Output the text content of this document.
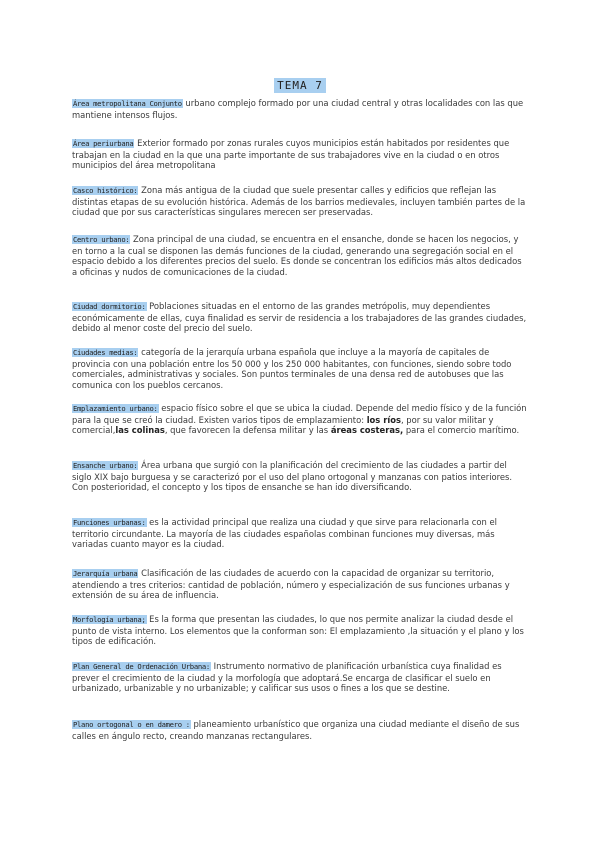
TEMA 7
Área metropolitana Conjunto urbano complejo formado por una ciudad central y otras localidades con las que mantiene intensos flujos.
Área periurbana Exterior formado por zonas rurales cuyos municipios están habitados por residentes que trabajan en la ciudad en la que una parte importante de sus trabajadores vive en la ciudad o en otros municipios del área metropolitana
Casco histórico: Zona más antigua de la ciudad que suele presentar calles y edificios que reflejan las distintas etapas de su evolución histórica. Además de los barrios medievales, incluyen también partes de la ciudad que por sus características singulares merecen ser preservadas.
Centro urbano: Zona principal de una ciudad, se encuentra en el ensanche, donde se hacen los negocios, y en torno a la cual se disponen las demás funciones de la ciudad, generando una segregación social en el espacio debido a los diferentes precios del suelo. Es donde se concentran los edificios más altos dedicados a oficinas y nudos de comunicaciones de la ciudad.
Ciudad dormitorio: Poblaciones situadas en el entorno de las grandes metrópolis, muy dependientes económicamente de ellas, cuya finalidad es servir de residencia a los trabajadores de las grandes ciudades, debido al menor coste del precio del suelo.
Ciudades medias: categoría de la jerarquía urbana española que incluye a la mayoría de capitales de provincia con una población entre los 50 000 y los 250 000 habitantes, con funciones, siendo sobre todo comerciales, administrativas y sociales. Son puntos terminales de una densa red de autobuses que las comunica con los pueblos cercanos.
Emplazamiento urbano: espacio físico sobre el que se ubica la ciudad. Depende del medio físico y de la función para la que se creó la ciudad. Existen varios tipos de emplazamiento: los ríos, por su valor militar y comercial,las colinas, que favorecen la defensa militar y las áreas costeras, para el comercio marítimo.
Ensanche urbano: Área urbana que surgió con la planificación del crecimiento de las ciudades a partir del siglo XIX bajo burguesa y se caracterizó por el uso del plano ortogonal y manzanas con patios interiores. Con posterioridad, el concepto y los tipos de ensanche se han ido diversificando.
Funciones urbanas: es la actividad principal que realiza una ciudad y que sirve para relacionarla con el territorio circundante. La mayoría de las ciudades españolas combinan funciones muy diversas, más variadas cuanto mayor es la ciudad.
Jerarquía urbana Clasificación de las ciudades de acuerdo con la capacidad de organizar su territorio, atendiendo a tres criterios: cantidad de población, número y especialización de sus funciones urbanas y extensión de su área de influencia.
Morfología urbana; Es la forma que presentan las ciudades, lo que nos permite analizar la ciudad desde el punto de vista interno. Los elementos que la conforman son: El emplazamiento ,la situación y el plano y los tipos de edificación.
Plan General de Ordenación Urbana: Instrumento normativo de planificación urbanística cuya finalidad es prever el crecimiento de la ciudad y la morfología que adoptará.Se encarga de clasificar el suelo en urbanizado, urbanizable y no urbanizable; y calificar sus usos o fines a los que se destine.
Plano ortogonal o en damero : planeamiento urbanístico que organiza una ciudad mediante el diseño de sus calles en ángulo recto, creando manzanas rectangulares.
